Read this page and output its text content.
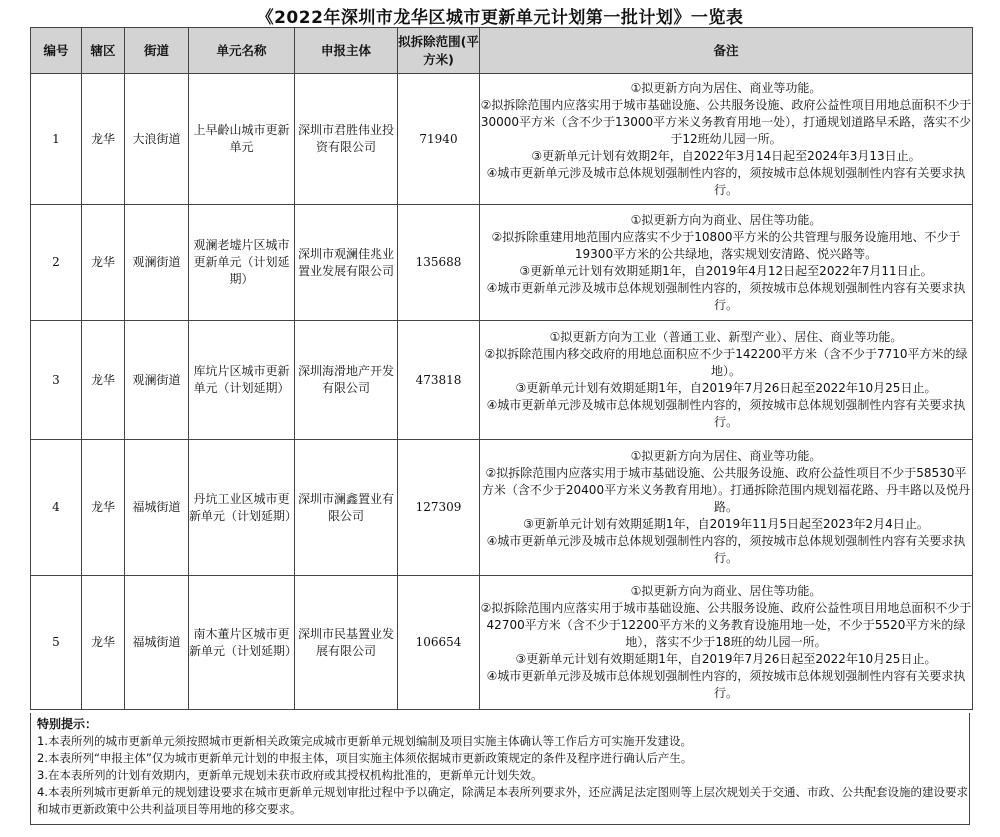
《2022年深圳市龙华区城市更新单元计划第一批计划》一览表
编号	辖区	街道	单元名称	申报主体	拟拆除范围(平方米)	备注
1	龙华	大浪街道	上早齡山城市更新单元	深圳市君胜伟业投资有限公司	71940	①拟更新方向为居住、商业等功能。
②拟拆除范围内应落实用于城市基础设施、公共服务设施、政府公益性项目用地总面积不少于30000平方米（含不少于13000平方米义务教育用地一处），打通规划道路早禾路，落实不少于12班幼儿园一所。
③更新单元计划有效期2年，自2022年3月14日起至2024年3月13日止。
④城市更新单元涉及城市总体规划强制性内容的，须按城市总体规划强制性内容有关要求执行。

2	龙华	观澜街道	观澜老墟片区城市更新单元（计划延期）	深圳市观澜佳兆业置业发展有限公司	135688	①拟更新方向为商业、居住等功能。
②拟拆除重建用地范围内应落实不少于10800平方米的公共管理与服务设施用地、不少于19300平方米的公共绿地，落实规划安清路、悦兴路等。
③更新单元计划有效期延期1年，自2019年4月12日起至2022年7月11日止。
④城市更新单元涉及城市总体规划强制性内容的，须按城市总体规划强制性内容有关要求执行。

3	龙华	观澜街道	库坑片区城市更新单元（计划延期）	深圳海滑地产开发有限公司	473818	①拟更新方向为工业（普通工业、新型产业）、居住、商业等功能。
②拟拆除范围内移交政府的用地总面积应不少于142200平方米（含不少于7710平方米的绿地）。
③更新单元计划有效期延期1年，自2019年7月26日起至2022年10月25日止。
④城市更新单元涉及城市总体规划强制性内容的，须按城市总体规划强制性内容有关要求执行。

4	龙华	福城街道	丹坑工业区城市更新单元（计划延期）	深圳市澜鑫置业有限公司	127309	①拟更新方向为居住、商业等功能。
②拟拆除范围内应落实用于城市基础设施、公共服务设施、政府公益性项目不少于58530平方米（含不少于20400平方米义务教育用地）。打通拆除范围内规划福花路、丹丰路以及悦丹路。
③更新单元计划有效期延期1年，自2019年11月5日起至2023年2月4日止。
④城市更新单元涉及城市总体规划强制性内容的，须按城市总体规划强制性内容有关要求执行。

5	龙华	福城街道	南木董片区城市更新单元（计划延期）	深圳市民基置业发展有限公司	106654	①拟更新方向为商业、居住等功能。
②拟拆除范围内应落实用于城市基础设施、公共服务设施、政府公益性项目用地总面积不少于42700平方米（含不少于12200平方米的义务教育设施用地一处，不少于5520平方米的绿地），落实不少于18班的幼儿园一所。
③更新单元计划有效期延期1年，自2019年7月26日起至2022年10月25日止。
④城市更新单元涉及城市总体规划强制性内容的，须按城市总体规划强制性内容有关要求执行。
特别提示：
1.本表所列的城市更新单元须按照城市更新相关政策完成城市更新单元规划编制及项目实施主体确认等工作后方可实施开发建设。
2.本表所列“申报主体”仅为城市更新单元计划的申报主体，项目实施主体须依据城市更新政策规定的条件及程序进行确认后产生。
3.在本表所列的计划有效期内，更新单元规划未获市政府或其授权机构批准的，更新单元计划失效。
4.本表所列城市更新单元的规划建设要求在城市更新单元规划审批过程中予以确定，除满足本表所列要求外，还应满足法定图则等上层次规划关于交通、市政、公共配套设施的建设要求和城市更新政策中公共利益项目等用地的移交要求。
